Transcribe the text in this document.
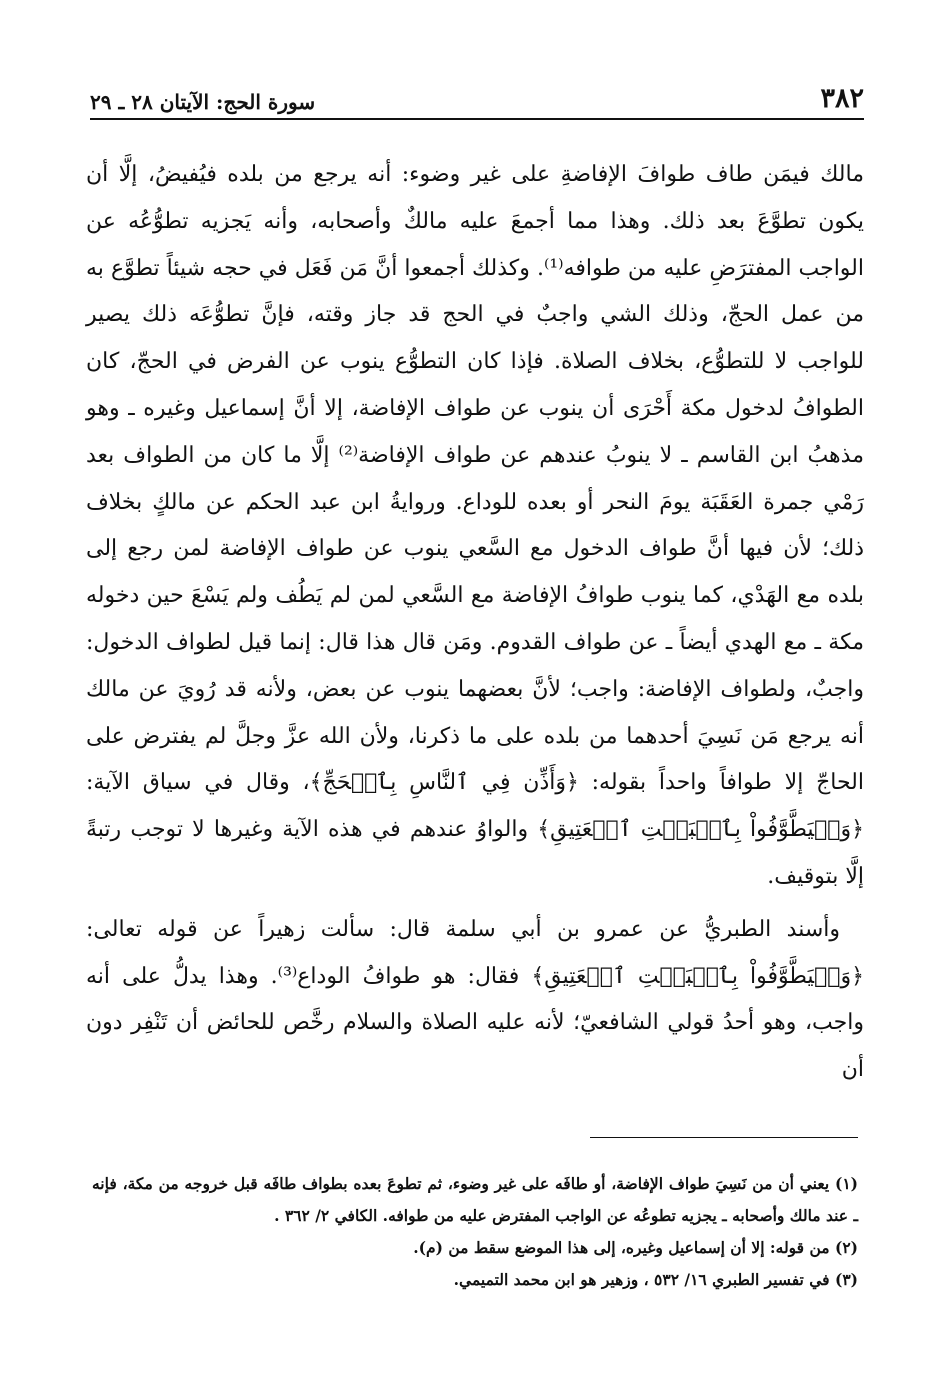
٣٨٢
سورة الحج: الآيتان ٢٨ ـ ٢٩

مالك فيمَن طاف طوافَ الإفاضةِ على غير وضوء: أنه يرجع من بلده فيُفيضُ، إلَّا أن يكون تطوَّعَ بعد ذلك. وهذا مما أجمعَ عليه مالكٌ وأصحابه، وأنه يَجزيه تطوُّعُه عن الواجب المفترَضِ عليه من طوافه⁽¹⁾. وكذلك أجمعوا أنَّ مَن فَعَل في حجه شيئاً تطوَّع به من عمل الحجّ، وذلك الشي واجبٌ في الحج قد جاز وقته، فإنَّ تطوُّعَه ذلك يصير للواجب لا للتطوُّع، بخلاف الصلاة. فإذا كان التطوُّع ينوب عن الفرض في الحجّ، كان الطوافُ لدخول مكة أَحْرَى أن ينوب عن طواف الإفاضة، إلا أنَّ إسماعيل وغيره ـ وهو مذهبُ ابن القاسم ـ لا ينوبُ عندهم عن طواف الإفاضة⁽²⁾ إلَّا ما كان من الطواف بعد رَمْي جمرة العَقَبَة يومَ النحر أو بعده للوداع. وروايةُ ابن عبد الحكم عن مالكٍ بخلاف ذلك؛ لأن فيها أنَّ طواف الدخول مع السَّعي ينوب عن طواف الإفاضة لمن رجع إلى بلده مع الهَدْي، كما ينوب طوافُ الإفاضة مع السَّعي لمن لم يَطُف ولم يَسْعَ حين دخوله مكة ـ مع الهدي أيضاً ـ عن طواف القدوم. ومَن قال هذا قال: إنما قيل لطواف الدخول: واجبٌ، ولطواف الإفاضة: واجب؛ لأنَّ بعضهما ينوب عن بعض، ولأنه قد رُويَ عن مالك أنه يرجع مَن نَسِيَ أحدهما من بلده على ما ذكرنا، ولأن الله عزَّ وجلَّ لم يفترض على الحاجّ إلا طوافاً واحداً بقوله: ﴿وَأَذِّن فِي ٱلنَّاسِ بِٱلۡحَجِّ﴾، وقال في سياق الآية: ﴿وَلۡيَطَّوَّفُواْ بِٱلۡبَيۡتِ ٱلۡعَتِيقِ﴾ والواوُ عندهم في هذه الآية وغيرها لا توجب رتبةً إلَّا بتوقيف.

وأسند الطبريُّ عن عمرو بن أبي سلمة قال: سألت زهيراً عن قوله تعالى: ﴿وَلۡيَطَّوَّفُواْ بِٱلۡبَيۡتِ ٱلۡعَتِيقِ﴾ فقال: هو طوافُ الوداع⁽³⁾. وهذا يدلُّ على أنه واجب، وهو أحدُ قولي الشافعيّ؛ لأنه عليه الصلاة والسلام رخَّص للحائض أن تَنْفِر دون أن

(١) يعني أن من نَسِيَ طواف الإفاضة، أو طافَه على غير وضوء، ثم تطوعَ بعده بطواف طافَه قبل خروجه من مكة، فإنه ـ عند مالك وأصحابه ـ يجزيه تطوعُه عن الواجب المفترض عليه من طوافه. الكافي ٢/ ٣٦٢ .

(٢) من قوله: إلا أن إسماعيل وغيره، إلى هذا الموضع سقط من (م).

(٣) في تفسير الطبري ١٦/ ٥٣٢ ، وزهير هو ابن محمد التميمي.
